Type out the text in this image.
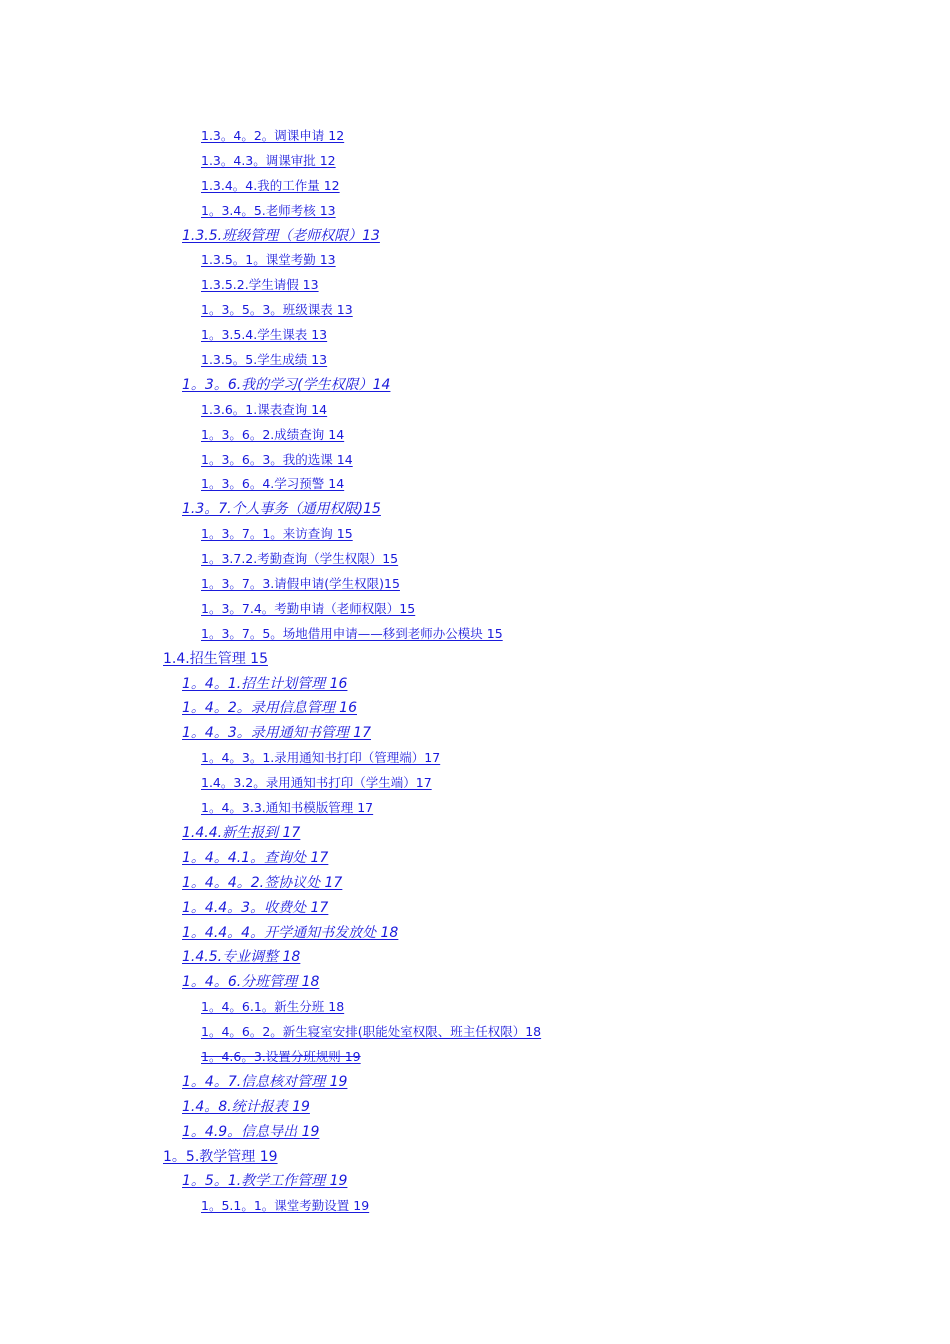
1.3。4。2。调课申请 12
1.3。4.3。调课审批 12
1.3.4。4.我的工作量 12
1。3.4。5.老师考核 13
1.3.5.班级管理（老师权限）13
1.3.5。1。课堂考勤 13
1.3.5.2.学生请假 13
1。3。5。3。班级课表 13
1。3.5.4.学生课表 13
1.3.5。5.学生成绩 13
1。3。6.我的学习(学生权限）14
1.3.6。1.课表查询 14
1。3。6。2.成绩查询 14
1。3。6。3。我的选课 14
1。3。6。4.学习预警 14
1.3。7.个人事务（通用权限)15
1。3。7。1。来访查询 15
1。3.7.2.考勤查询（学生权限）15
1。3。7。3.请假申请(学生权限)15
1。3。7.4。考勤申请（老师权限）15
1。3。7。5。场地借用申请——移到老师办公模块 15
1.4.招生管理 15
1。4。1.招生计划管理 16
1。4。2。录用信息管理 16
1。4。3。录用通知书管理 17
1。4。3。1.录用通知书打印（管理端）17
1.4。3.2。录用通知书打印（学生端）17
1。4。3.3.通知书模版管理 17
1.4.4.新生报到 17
1。4。4.1。查询处 17
1。4。4。2.签协议处 17
1。4.4。3。收费处 17
1。4.4。4。开学通知书发放处 18
1.4.5.专业调整 18
1。4。6.分班管理 18
1。4。6.1。新生分班 18
1。4。6。2。新生寝室安排(职能处室权限、班主任权限）18
1。4.6。3.设置分班规则 19
1。4。7.信息核对管理 19
1.4。8.统计报表 19
1。4.9。信息导出 19
1。5.教学管理 19
1。5。1.教学工作管理 19
1。5.1。1。课堂考勤设置 19
